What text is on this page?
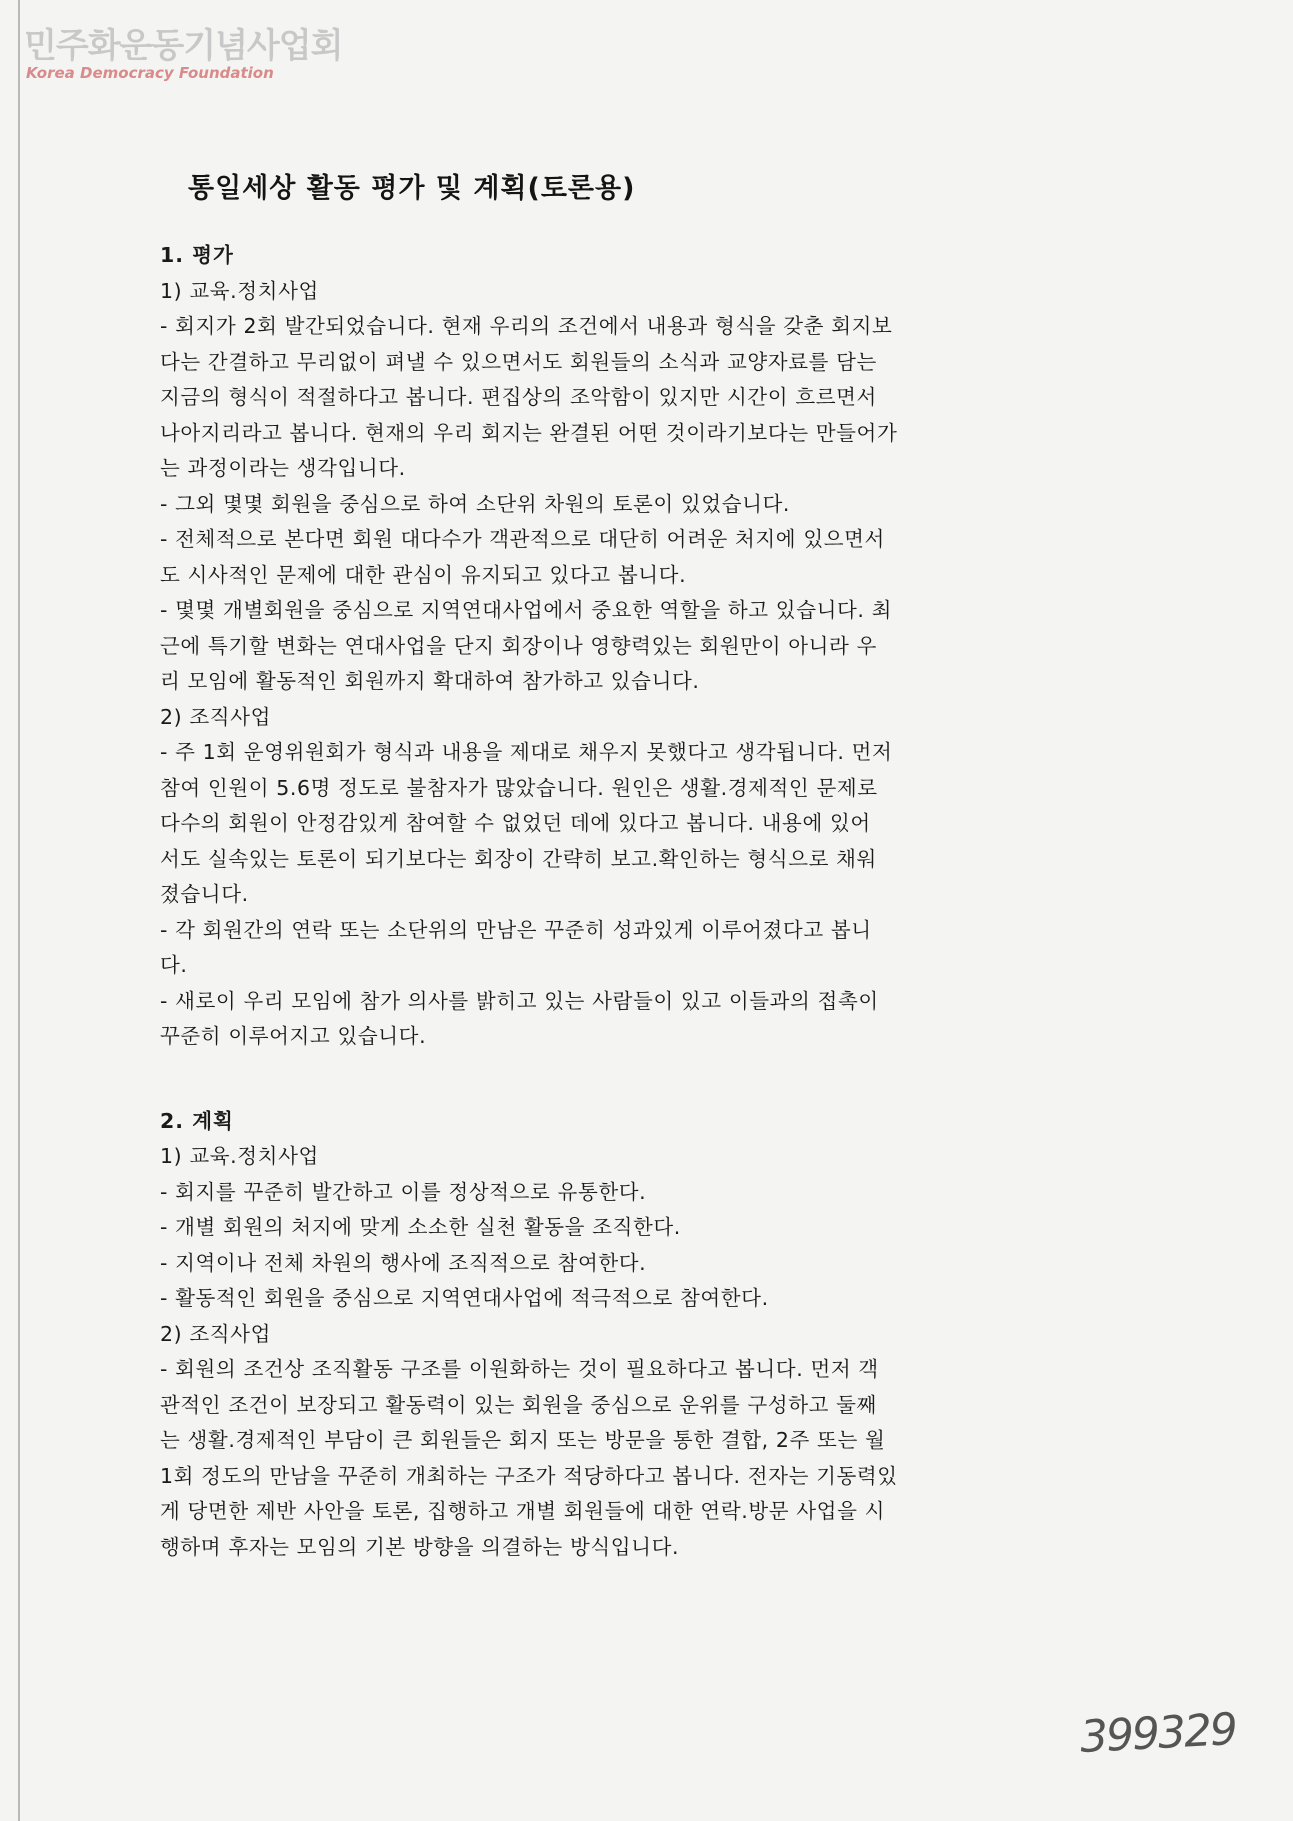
민주화운동기념사업회
Korea Democracy Foundation
통일세상 활동 평가 및 계획(토론용)
1. 평가
1) 교육.정치사업
- 회지가 2회 발간되었습니다. 현재 우리의 조건에서 내용과 형식을 갖춘 회지보
다는 간결하고 무리없이 펴낼 수 있으면서도 회원들의 소식과 교양자료를 담는
지금의 형식이 적절하다고 봅니다. 편집상의 조악함이 있지만 시간이 흐르면서
나아지리라고 봅니다. 현재의 우리 회지는 완결된 어떤 것이라기보다는 만들어가
는 과정이라는 생각입니다.
- 그외 몇몇 회원을 중심으로 하여 소단위 차원의 토론이 있었습니다.
- 전체적으로 본다면 회원 대다수가 객관적으로 대단히 어려운 처지에 있으면서
도 시사적인 문제에 대한 관심이 유지되고 있다고 봅니다.
- 몇몇 개별회원을 중심으로 지역연대사업에서 중요한 역할을 하고 있습니다. 최
근에 특기할 변화는 연대사업을 단지 회장이나 영향력있는 회원만이 아니라 우
리 모임에 활동적인 회원까지 확대하여 참가하고 있습니다.
2) 조직사업
- 주 1회 운영위원회가 형식과 내용을 제대로 채우지 못했다고 생각됩니다. 먼저
참여 인원이 5.6명 정도로 불참자가 많았습니다. 원인은 생활.경제적인 문제로
다수의 회원이 안정감있게 참여할 수 없었던 데에 있다고 봅니다. 내용에 있어
서도 실속있는 토론이 되기보다는 회장이 간략히 보고.확인하는 형식으로 채워
졌습니다.
- 각 회원간의 연락 또는 소단위의 만남은 꾸준히 성과있게 이루어졌다고 봅니
다.
- 새로이 우리 모임에 참가 의사를 밝히고 있는 사람들이 있고 이들과의 접촉이
꾸준히 이루어지고 있습니다.
2. 계획
1) 교육.정치사업
- 회지를 꾸준히 발간하고 이를 정상적으로 유통한다.
- 개별 회원의 처지에 맞게 소소한 실천 활동을 조직한다.
- 지역이나 전체 차원의 행사에 조직적으로 참여한다.
- 활동적인 회원을 중심으로 지역연대사업에 적극적으로 참여한다.
2) 조직사업
- 회원의 조건상 조직활동 구조를 이원화하는 것이 필요하다고 봅니다. 먼저 객
관적인 조건이 보장되고 활동력이 있는 회원을 중심으로 운위를 구성하고 둘째
는 생활.경제적인 부담이 큰 회원들은 회지 또는 방문을 통한 결합, 2주 또는 월
1회 정도의 만남을 꾸준히 개최하는 구조가 적당하다고 봅니다. 전자는 기동력있
게 당면한 제반 사안을 토론, 집행하고 개별 회원들에 대한 연락.방문 사업을 시
행하며 후자는 모임의 기본 방향을 의결하는 방식입니다.
399329
